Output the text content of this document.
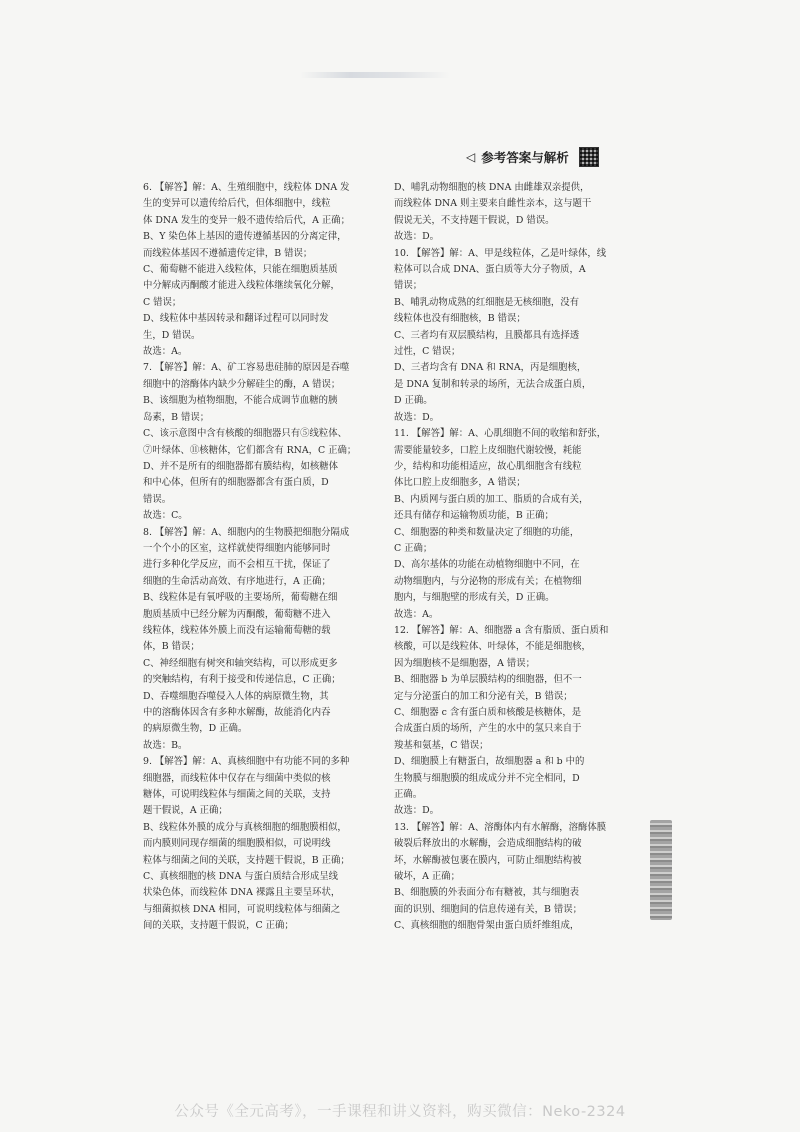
◁ 参考答案与解析
6. 【解答】解：A、生殖细胞中，线粒体 DNA 发
生的变异可以遗传给后代，但体细胞中，线粒
体 DNA 发生的变异一般不遗传给后代，A 正确；
B、Y 染色体上基因的遗传遵循基因的分离定律，
而线粒体基因不遵循遗传定律，B 错误；
C、葡萄糖不能进入线粒体，只能在细胞质基质
中分解成丙酮酸才能进入线粒体继续氧化分解，
C 错误；
D、线粒体中基因转录和翻译过程可以同时发
生，D 错误。
故选：A。
7. 【解答】解：A、矿工容易患硅肺的原因是吞噬
细胞中的溶酶体内缺少分解硅尘的酶，A 错误；
B、该细胞为植物细胞，不能合成调节血糖的胰
岛素，B 错误；
C、该示意图中含有核酸的细胞器只有⑤线粒体、
⑦叶绿体、⑪核糖体，它们都含有 RNA，C 正确；
D、并不是所有的细胞器都有膜结构，如核糖体
和中心体，但所有的细胞器都含有蛋白质，D
错误。
故选：C。
8. 【解答】解：A、细胞内的生物膜把细胞分隔成
一个个小的区室，这样就使得细胞内能够同时
进行多种化学反应，而不会相互干扰，保证了
细胞的生命活动高效、有序地进行，A 正确；
B、线粒体是有氧呼吸的主要场所，葡萄糖在细
胞质基质中已经分解为丙酮酸，葡萄糖不进入
线粒体，线粒体外膜上而没有运输葡萄糖的载
体，B 错误；
C、神经细胞有树突和轴突结构，可以形成更多
的突触结构，有利于接受和传递信息，C 正确；
D、吞噬细胞吞噬侵入人体的病原微生物，其
中的溶酶体因含有多种水解酶，故能消化内吞
的病原微生物，D 正确。
故选：B。
9. 【解答】解：A、真核细胞中有功能不同的多种
细胞器，而线粒体中仅存在与细菌中类似的核
糖体，可说明线粒体与细菌之间的关联，支持
题干假说，A 正确；
B、线粒体外膜的成分与真核细胞的细胞膜相似，
而内膜则同现存细菌的细胞膜相似，可说明线
粒体与细菌之间的关联，支持题干假说，B 正确；
C、真核细胞的核 DNA 与蛋白质结合形成呈线
状染色体，而线粒体 DNA 裸露且主要呈环状，
与细菌拟核 DNA 相同，可说明线粒体与细菌之
间的关联，支持题干假说，C 正确；
D、哺乳动物细胞的核 DNA 由雌雄双亲提供，
而线粒体 DNA 则主要来自雌性亲本，这与题干
假说无关，不支持题干假说，D 错误。
故选：D。
10. 【解答】解：A、甲是线粒体，乙是叶绿体，线
粒体可以合成 DNA、蛋白质等大分子物质，A
错误；
B、哺乳动物成熟的红细胞是无核细胞，没有
线粒体也没有细胞核，B 错误；
C、三者均有双层膜结构，且膜都具有选择透
过性，C 错误；
D、三者均含有 DNA 和 RNA，丙是细胞核，
是 DNA 复制和转录的场所，无法合成蛋白质，
D 正确。
故选：D。
11. 【解答】解：A、心肌细胞不间的收缩和舒张，
需要能量较多，口腔上皮细胞代谢较慢，耗能
少，结构和功能相适应，故心肌细胞含有线粒
体比口腔上皮细胞多，A 错误；
B、内质网与蛋白质的加工、脂质的合成有关，
还具有储存和运输物质功能，B 正确；
C、细胞器的种类和数量决定了细胞的功能，
C 正确；
D、高尔基体的功能在动植物细胞中不同，在
动物细胞内，与分泌物的形成有关；在植物细
胞内，与细胞壁的形成有关，D 正确。
故选：A。
12. 【解答】解：A、细胞器 a 含有脂质、蛋白质和
核酸，可以是线粒体、叶绿体，不能是细胞核，
因为细胞核不是细胞器，A 错误；
B、细胞器 b 为单层膜结构的细胞器，但不一
定与分泌蛋白的加工和分泌有关，B 错误；
C、细胞器 c 含有蛋白质和核酸是核糖体，是
合成蛋白质的场所，产生的水中的氢只来自于
羧基和氨基，C 错误；
D、细胞膜上有糖蛋白，故细胞器 a 和 b 中的
生物膜与细胞膜的组成成分并不完全相同，D
正确。
故选：D。
13. 【解答】解：A、溶酶体内有水解酶，溶酶体膜
破裂后释放出的水解酶，会造成细胞结构的破
坏，水解酶被包裹在膜内，可防止细胞结构被
破坏，A 正确；
B、细胞膜的外表面分布有糖被，其与细胞表
面的识别、细胞间的信息传递有关，B 错误；
C、真核细胞的细胞骨架由蛋白质纤维组成，
公众号《全元高考》，一手课程和讲义资料，购买微信：Neko-2324
